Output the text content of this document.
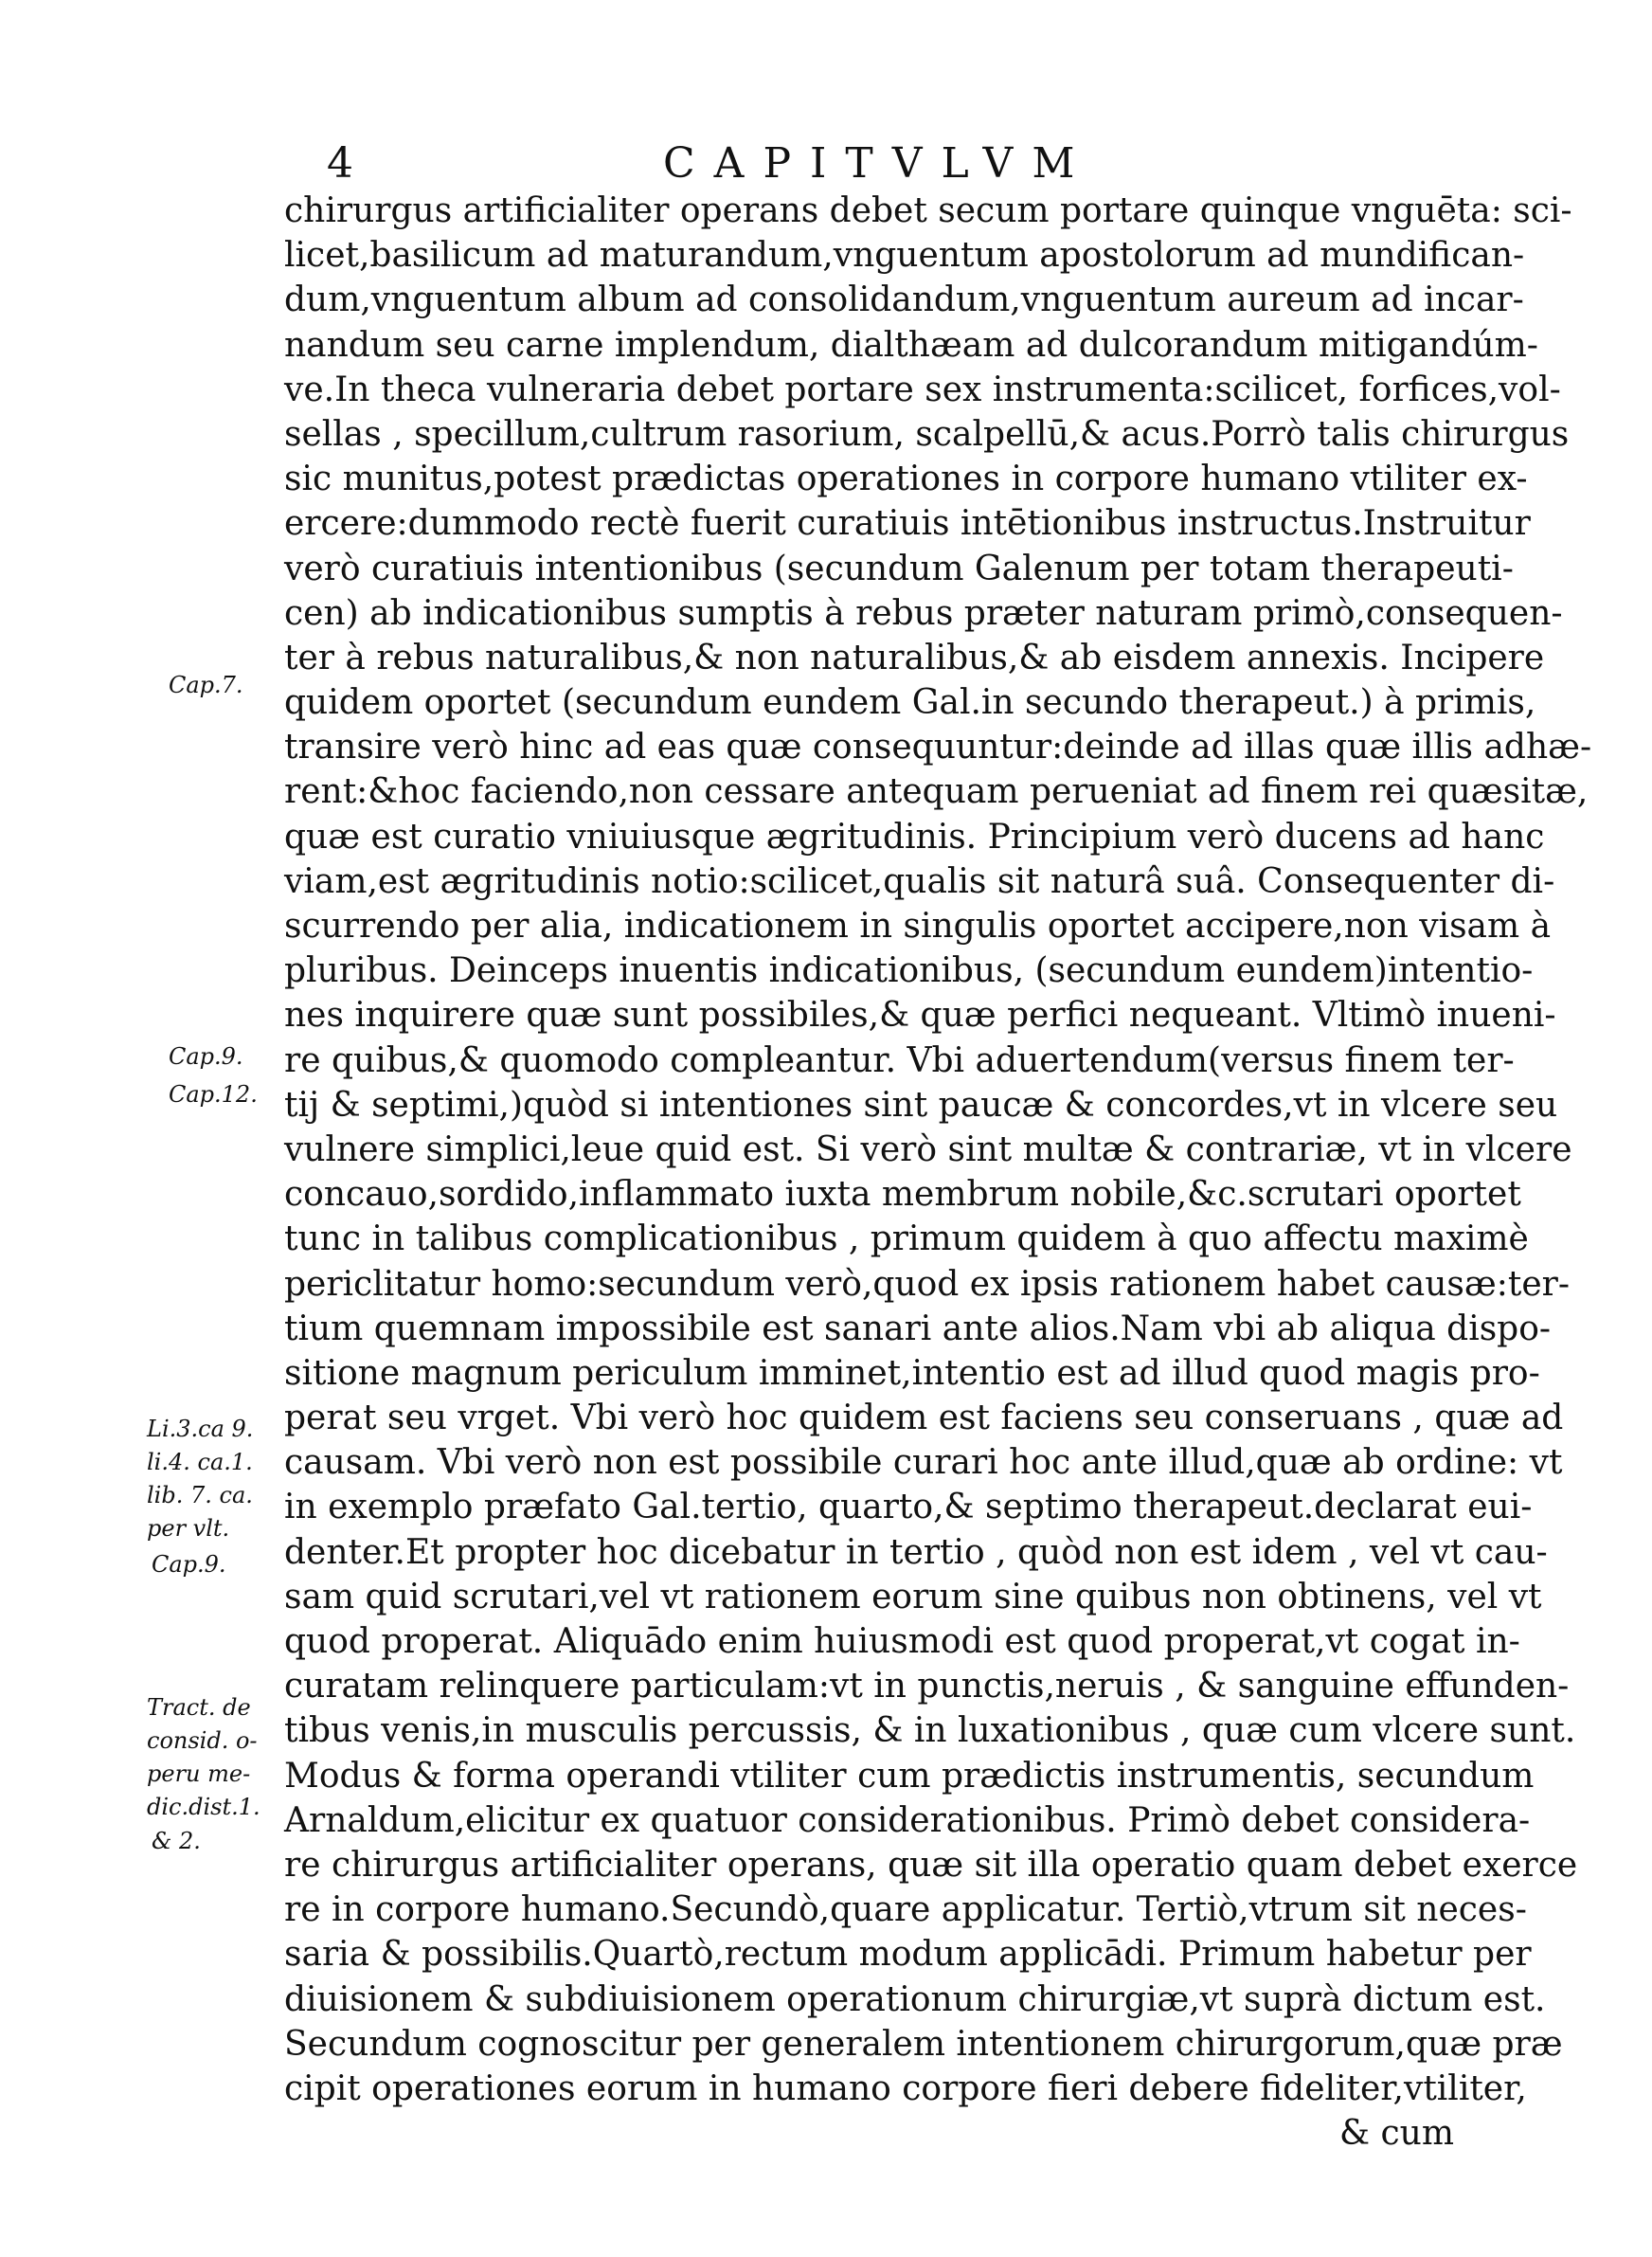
4	CAPITVLVM
chirurgus artificialiter operans debet secum portare quinque vnguēta: sci-
licet,basilicum ad maturandum,vnguentum apostolorum ad mundifican-
dum,vnguentum album ad consolidandum,vnguentum aureum ad incar-
nandum seu carne implendum, dialthæam ad dulcorandum mitigandúm-
ve.In theca vulneraria debet portare sex instrumenta:scilicet, forfices,vol-
sellas , specillum,cultrum rasorium, scalpellū,& acus.Porrò talis chirurgus
sic munitus,potest prædictas operationes in corpore humano vtiliter ex-
ercere:dummodo rectè fuerit curatiuis intētionibus instructus.Instruitur
verò curatiuis intentionibus (secundum Galenum per totam therapeuti-
cen) ab indicationibus sumptis à rebus præter naturam primò,consequen-
ter à rebus naturalibus,& non naturalibus,& ab eisdem annexis. Incipere
quidem oportet (secundum eundem Gal.in secundo therapeut.) à primis,
transire verò hinc ad eas quæ consequuntur:deinde ad illas quæ illis adhæ-
rent:&hoc faciendo,non cessare antequam perueniat ad finem rei quæsitæ,
quæ est curatio vniuiusque ægritudinis. Principium verò ducens ad hanc
viam,est ægritudinis notio:scilicet,qualis sit naturâ suâ. Consequenter di-
scurrendo per alia, indicationem in singulis oportet accipere,non visam à
pluribus. Deinceps inuentis indicationibus, (secundum eundem)intentio-
nes inquirere quæ sunt possibiles,& quæ perfici nequeant. Vltimò inueni-
re quibus,& quomodo compleantur. Vbi aduertendum(versus finem ter-
tij & septimi,)quòd si intentiones sint paucæ & concordes,vt in vlcere seu
vulnere simplici,leue quid est. Si verò sint multæ & contrariæ, vt in vlcere
concauo,sordido,inflammato iuxta membrum nobile,&c.scrutari oportet
tunc in talibus complicationibus , primum quidem à quo affectu maximè
periclitatur homo:secundum verò,quod ex ipsis rationem habet causæ:ter-
tium quemnam impossibile est sanari ante alios.Nam vbi ab aliqua dispo-
sitione magnum periculum imminet,intentio est ad illud quod magis pro-
perat seu vrget. Vbi verò hoc quidem est faciens seu conseruans , quæ ad
causam. Vbi verò non est possibile curari hoc ante illud,quæ ab ordine: vt
in exemplo præfato Gal.tertio, quarto,& septimo therapeut.declarat eui-
denter.Et propter hoc dicebatur in tertio , quòd non est idem , vel vt cau-
sam quid scrutari,vel vt rationem eorum sine quibus non obtinens, vel vt
quod properat. Aliquādo enim huiusmodi est quod properat,vt cogat in-
curatam relinquere particulam:vt in punctis,neruis , & sanguine effunden-
tibus venis,in musculis percussis, & in luxationibus , quæ cum vlcere sunt.
Modus & forma operandi vtiliter cum prædictis instrumentis, secundum
Arnaldum,elicitur ex quatuor considerationibus. Primò debet considera-
re chirurgus artificialiter operans, quæ sit illa operatio quam debet exerce
re in corpore humano.Secundò,quare applicatur. Tertiò,vtrum sit neces-
saria & possibilis.Quartò,rectum modum applicādi. Primum habetur per
diuisionem & subdiuisionem operationum chirurgiæ,vt suprà dictum est.
Secundum cognoscitur per generalem intentionem chirurgorum,quæ præ
cipit operationes eorum in humano corpore fieri debere fideliter,vtiliter,
& cum
Cap.7.
Cap.9.
Cap.12.
Li.3.ca 9.
li.4. ca.1.
lib. 7. ca.
per vlt.
Cap.9.
Tract. de
consid. o-
peru me-
dic.dist.1.
& 2.
